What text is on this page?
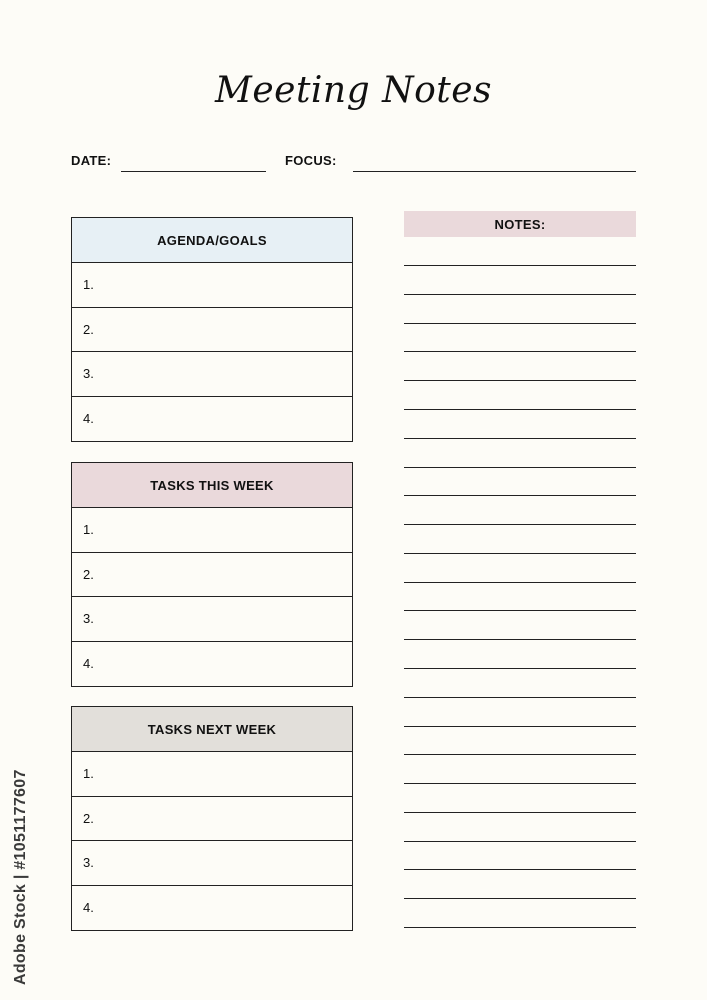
Meeting Notes
DATE:	FOCUS:
AGENDA/GOALS
1.
2.
3.
4.
TASKS THIS WEEK
1.
2.
3.
4.
TASKS NEXT WEEK
1.
2.
3.
4.
NOTES:
Adobe Stock | #1051177607
